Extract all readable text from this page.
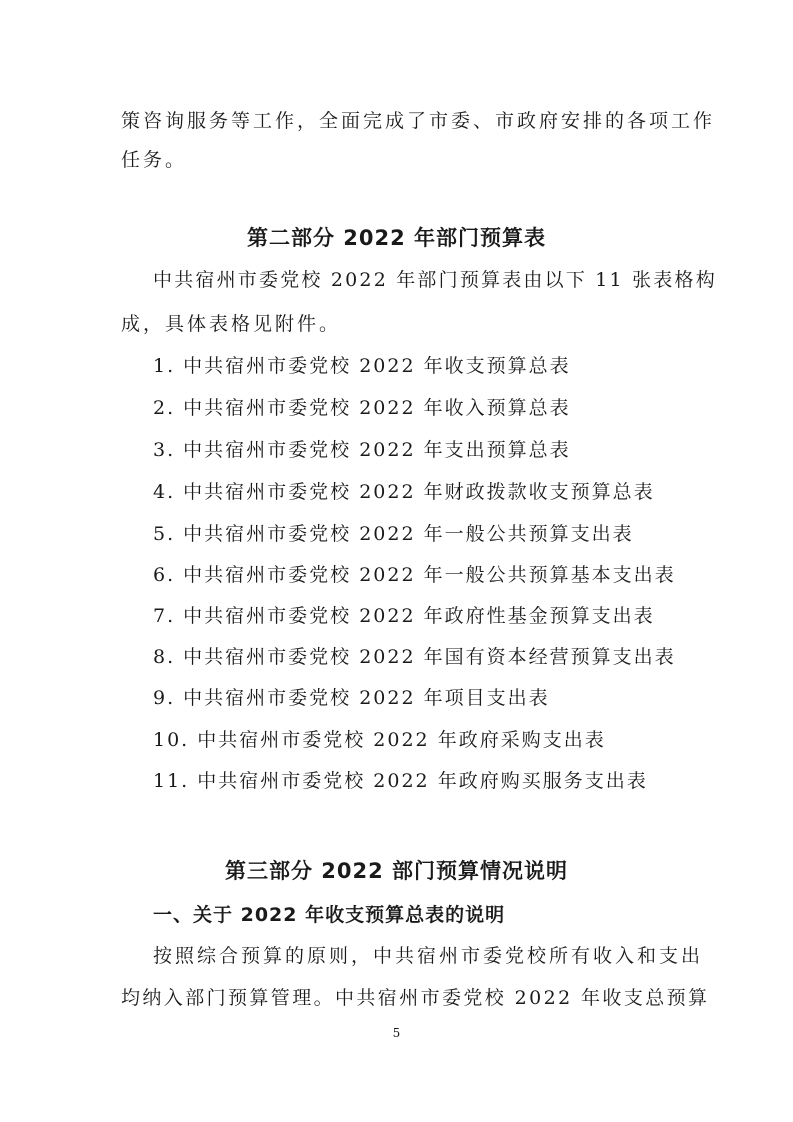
策咨询服务等工作，全面完成了市委、市政府安排的各项工作
任务。
第二部分 2022 年部门预算表
中共宿州市委党校 2022 年部门预算表由以下 11 张表格构
成，具体表格见附件。
1. 中共宿州市委党校 2022 年收支预算总表
2. 中共宿州市委党校 2022 年收入预算总表
3. 中共宿州市委党校 2022 年支出预算总表
4. 中共宿州市委党校 2022 年财政拨款收支预算总表
5. 中共宿州市委党校 2022 年一般公共预算支出表
6. 中共宿州市委党校 2022 年一般公共预算基本支出表
7. 中共宿州市委党校 2022 年政府性基金预算支出表
8. 中共宿州市委党校 2022 年国有资本经营预算支出表
9. 中共宿州市委党校 2022 年项目支出表
10. 中共宿州市委党校 2022 年政府采购支出表
11. 中共宿州市委党校 2022 年政府购买服务支出表
第三部分 2022 部门预算情况说明
一、关于 2022 年收支预算总表的说明
按照综合预算的原则，中共宿州市委党校所有收入和支出
均纳入部门预算管理。中共宿州市委党校 2022 年收支总预算
5
